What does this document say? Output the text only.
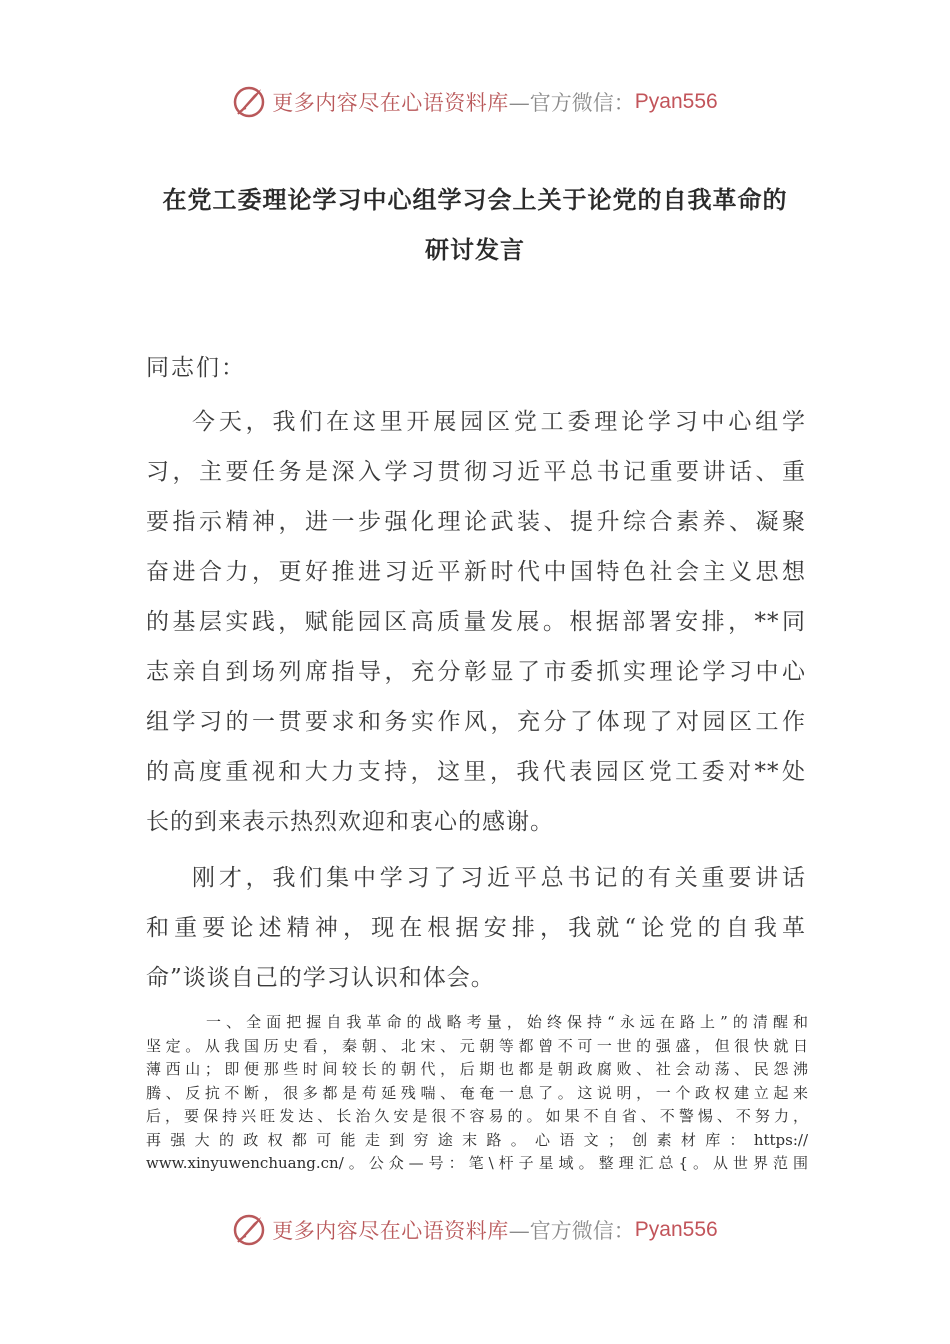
更多内容尽在心语资料库 —官方微信： Pyan556
在党工委理论学习中心组学习会上关于论党的自我革命的
研讨发言
同志们：
今天，我们在这里开展园区党工委理论学习中心组学
习，主要任务是深入学习贯彻习近平总书记重要讲话、重
要指示精神，进一步强化理论武装、提升综合素养、凝聚
奋进合力，更好推进习近平新时代中国特色社会主义思想
的基层实践，赋能园区高质量发展。根据部署安排，**同
志亲自到场列席指导，充分彰显了市委抓实理论学习中心
组学习的一贯要求和务实作风，充分了体现了对园区工作
的高度重视和大力支持，这里，我代表园区党工委对**处
长的到来表示热烈欢迎和衷心的感谢。
刚才，我们集中学习了习近平总书记的有关重要讲话
和重要论述精神，现在根据安排，我就“论党的自我革
命”谈谈自己的学习认识和体会。
一、全面把握自我革命的战略考量，始终保持“永远在路上”的清醒和
坚定。从我国历史看，秦朝、北宋、元朝等都曾不可一世的强盛，但很快就日
薄西山；即便那些时间较长的朝代，后期也都是朝政腐败、社会动荡、民怨沸
腾、反抗不断，很多都是苟延残喘、奄奄一息了。这说明，一个政权建立起来
后，要保持兴旺发达、长治久安是很不容易的。如果不自省、不警惕、不努力，
再强大的政权都可能走到穷途末路。心语文；创素材库：https://
www.xinyuwenchuang.cn/。公众—号：笔\杆子星域。整理汇总{。从世界范围
更多内容尽在心语资料库 —官方微信： Pyan556
